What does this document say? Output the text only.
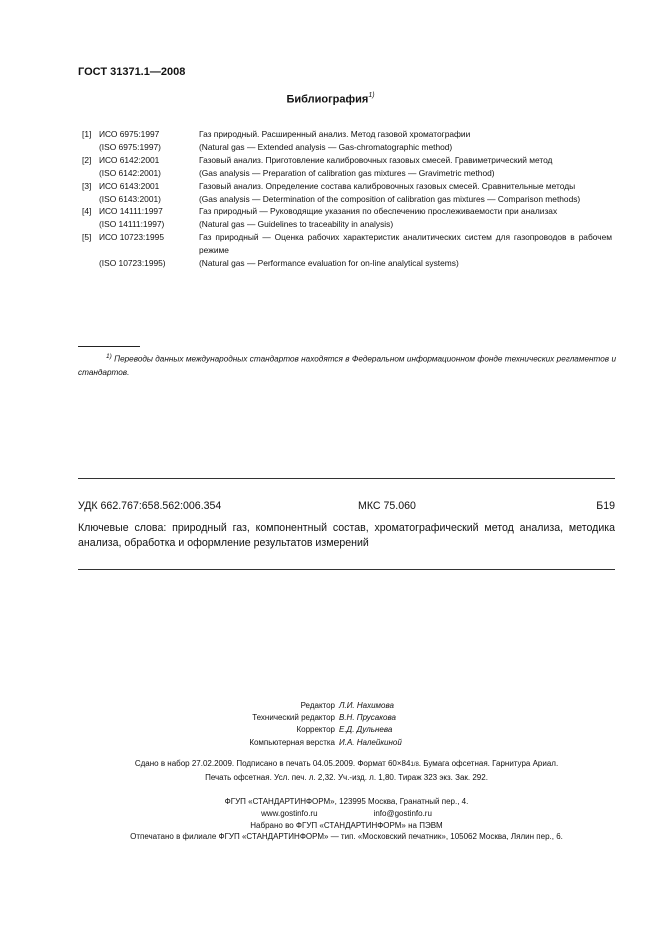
ГОСТ 31371.1—2008
Библиография$^{1)}$
[1] ИСО 6975:1997	Газ природный. Расширенный анализ. Метод газовой хроматографии
(ISO 6975:1997)	(Natural gas — Extended analysis — Gas-chromatographic method)
[2] ИСО 6142:2001	Газовый анализ. Приготовление калибровочных газовых смесей. Гравиметрический метод
(ISO 6142:2001)	(Gas analysis — Preparation of calibration gas mixtures — Gravimetric method)
[3] ИСО 6143:2001	Газовый анализ. Определение состава калибровочных газовых смесей. Сравнительные методы
(ISO 6143:2001)	(Gas analysis — Determination of the composition of calibration gas mixtures — Comparison methods)
[4] ИСО 14111:1997	Газ природный — Руководящие указания по обеспечению прослеживаемости при анализах
(ISO 14111:1997)	(Natural gas — Guidelines to traceability in analysis)
[5] ИСО 10723:1995	Газ природный — Оценка рабочих характеристик аналитических систем для газопроводов в рабочем режиме
(ISO 10723:1995)	(Natural gas — Performance evaluation for on-line analytical systems)
$^{1)}$ Переводы данных международных стандартов находятся в Федеральном информационном фонде технических регламентов и стандартов.
УДК 662.767:658.562:006.354	МКС 75.060	Б19
Ключевые слова: природный газ, компонентный состав, хроматографический метод анализа, методика анализа, обработка и оформление результатов измерений
Редактор Л.И. Нахимова
Технический редактор В.Н. Прусакова
Корректор Е.Д. Дульнева
Компьютерная верстка И.А. Налейкиной
Сдано в набор 27.02.2009. Подписано в печать 04.05.2009. Формат 60×841/8. Бумага офсетная. Гарнитура Ариал.
Печать офсетная. Усл. печ. л. 2,32. Уч.-изд. л. 1,80. Тираж 323 экз. Зак. 292.
ФГУП «СТАНДАРТИНФОРМ», 123995 Москва, Гранатный пер., 4.
www.gostinfo.ru	info@gostinfo.ru
Набрано во ФГУП «СТАНДАРТИНФОРМ» на ПЭВМ
Отпечатано в филиале ФГУП «СТАНДАРТИНФОРМ» — тип. «Московский печатник», 105062 Москва, Лялин пер., 6.
